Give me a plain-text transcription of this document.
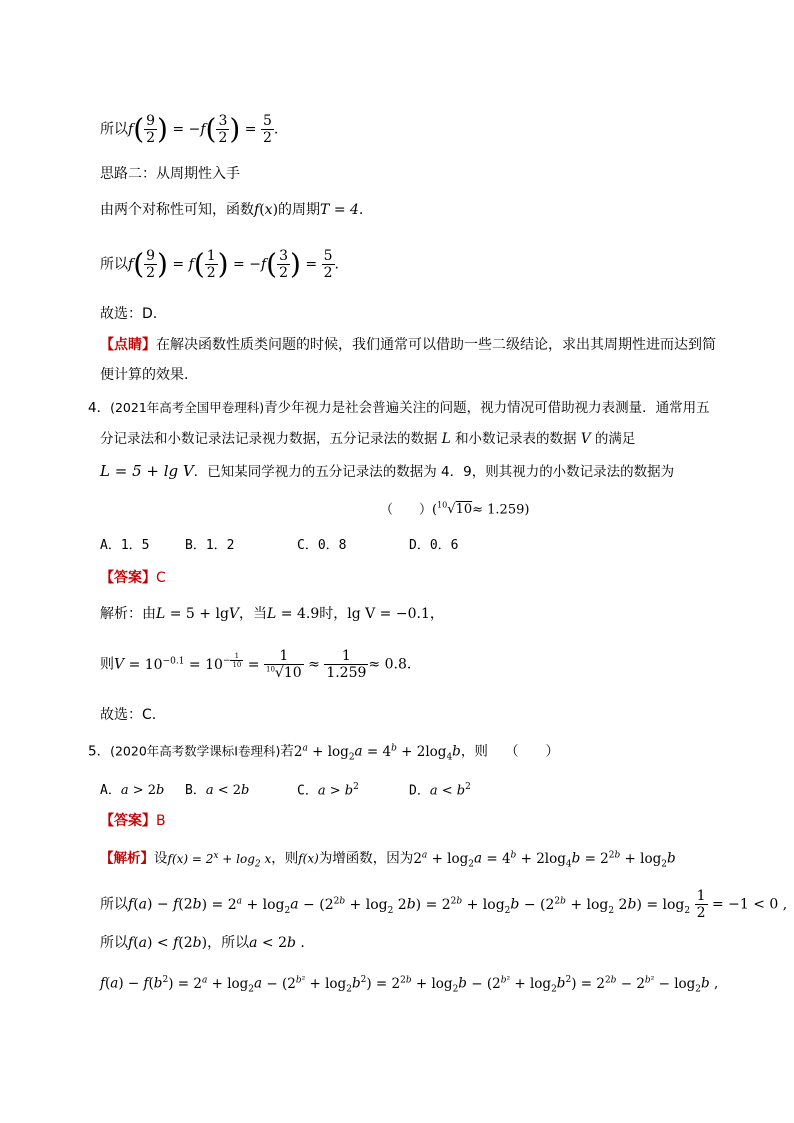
所以$f( \frac{9}{2}$ ) = $-f( \frac{3}{2}$ ) = $\frac{5}{2}$ .
思路二：从周期性入手
由两个对称性可知，函数f(x)的周期T = 4.
所以$f( \frac{9}{2}$ ) = $f( \frac{1}{2}$ ) = $-f( \frac{3}{2}$ ) = $\frac{5}{2}$ .
故选：D.
【点睛】在解决函数性质类问题的时候，我们通常可以借助一些二级结论，求出其周期性进而达到简
便计算的效果.
4．(2021年高考全国甲卷理科)青少年视力是社会普遍关注的问题，视力情况可借助视力表测量．通常用五
分记录法和小数记录法记录视力数据，五分记录法的数据 L 和小数记录表的数据 V 的满足
L = 5 + lg V．已知某同学视力的五分记录法的数据为 4．9，则其视力的小数记录法的数据为
（　　）($^{10}$√10≈ 1.259)
A．1．5	B．1．2	C．0．8	D．0．6
【答案】C
解析：由L = 5 + lgV，当L = 4.9时，lg V = −0.1，
则$V = 10^{-0.1} = 10^{- \frac{1}{10}} = \frac{1}{^{10}√10} \approx \frac{1}{1.259} \approx 0.8$．
故选：C.
5．(2020年高考数学课标Ⅰ卷理科)若$2^a + \log_2a = 4^b + 2\log_4b$，则 （　　）
A．a > 2b B．a < 2b	C．$a > b^2$	D．$a < b^2$
【答案】B
【解析】设$f(x) = 2^x + \log_2 x$，则f(x)为增函数，因为$2^a + \log_2a = 4^b + 2\log_4b = 2^{2b} + \log_2b$
所以$f(a) - f(2b) = 2^a + \log_2a - (2^{2b} + \log_2 2b) = 2^{2b} + \log_2b - (2^{2b} + \log_2 2b) = \log_2 \frac{1}{2} = -1 < 0$ ,
所以f(a) < f(2b)，所以a < 2b .
$f(a) - f(b^2) = 2^a + \log_2a - (2^{b^2} + \log_2b^2) = 2^{2b} + \log_2b - (2^{b^2} + \log_2b^2) = 2^{2b} - 2^{b^2} - \log_2b$ ,
